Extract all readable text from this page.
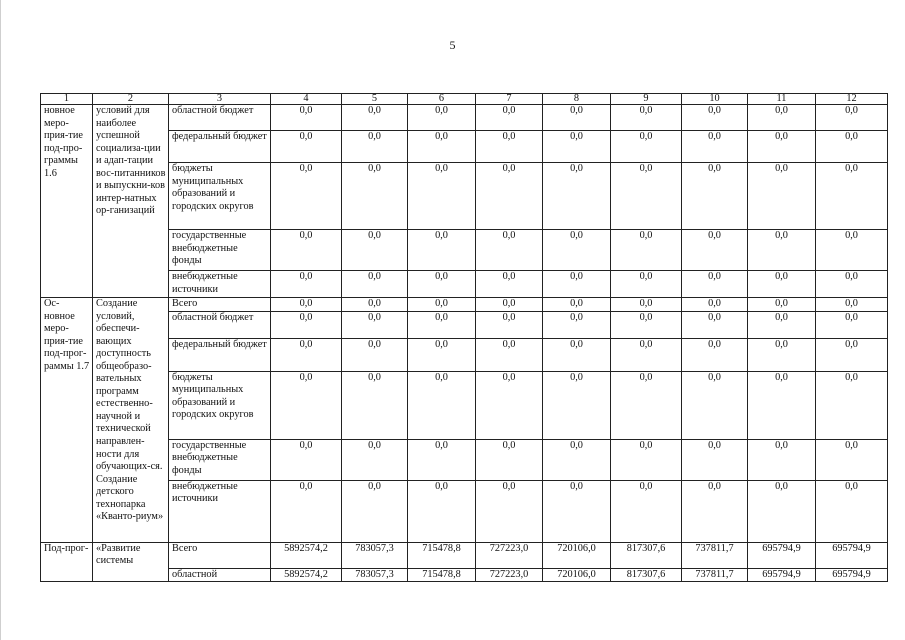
5
1	2	3	4	5	6	7	8	9	10	11	12
новное меро-прия-тие под-про-граммы 1.6	условий для наиболее успешной социализа-ции и адап-тации вос-питанников и выпускни-ков интер-натных ор-ганизаций	областной бюджет	0,0	0,0	0,0	0,0	0,0	0,0	0,0	0,0	0,0
		федеральный бюджет	0,0	0,0	0,0	0,0	0,0	0,0	0,0	0,0	0,0
		бюджеты муниципальных образований и городских округов	0,0	0,0	0,0	0,0	0,0	0,0	0,0	0,0	0,0
		государственные внебюджетные фонды	0,0	0,0	0,0	0,0	0,0	0,0	0,0	0,0	0,0
		внебюджетные источники	0,0	0,0	0,0	0,0	0,0	0,0	0,0	0,0	0,0
Ос-новное меро-прия-тие под-прог-раммы 1.7	Создание условий, обеспечи-вающих доступность общеобразо-вательных программ естественно-научной и технической направлен-ности для обучающих-ся. Создание детского технопарка «Кванто-риум»	Всего	0,0	0,0	0,0	0,0	0,0	0,0	0,0	0,0	0,0
		областной бюджет	0,0	0,0	0,0	0,0	0,0	0,0	0,0	0,0	0,0
		федеральный бюджет	0,0	0,0	0,0	0,0	0,0	0,0	0,0	0,0	0,0
		бюджеты муниципальных образований и городских округов	0,0	0,0	0,0	0,0	0,0	0,0	0,0	0,0	0,0
		государственные внебюджетные фонды	0,0	0,0	0,0	0,0	0,0	0,0	0,0	0,0	0,0
		внебюджетные источники	0,0	0,0	0,0	0,0	0,0	0,0	0,0	0,0	0,0
Под-прог-	«Развитие системы	Всего	5892574,2	783057,3	715478,8	727223,0	720106,0	817307,6	737811,7	695794,9	695794,9
		областной	5892574,2	783057,3	715478,8	727223,0	720106,0	817307,6	737811,7	695794,9	695794,9
